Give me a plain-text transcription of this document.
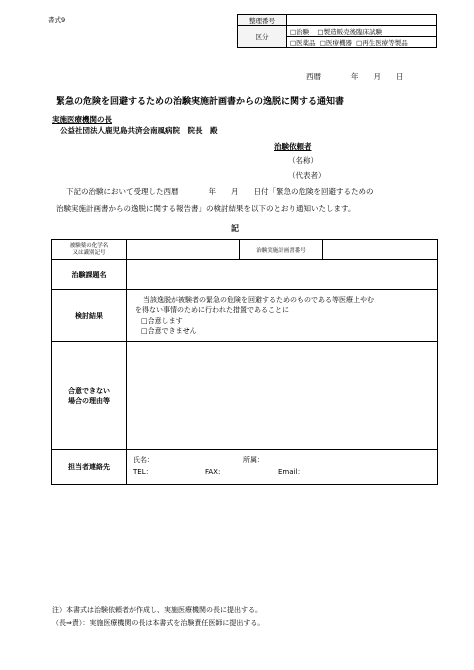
書式9	整理番号	
区分	□治験 □製造販売後臨床試験
	□医薬品 □医療機器 □再生医療等製品
西暦　　　　年　　月　　日
緊急の危険を回避するための治験実施計画書からの逸脱に関する通知書
実施医療機関の長
公益社団法人鹿児島共済会南風病院　院長　殿
治験依頼者
（名称）
（代表者）
下記の治験において受理した西暦　　　　年　　月　　日付「緊急の危険を回避するための
治験実施計画書からの逸脱に関する報告書」の検討結果を以下のとおり通知いたします。
記
被験薬の化学名
又は識別記号		治験実施計画書番号	
治験課題名			
検討結果	当該逸脱が被験者の緊急の危険を回避するためのものである等医療上やむ
を得ない事情のために行われた措置であることに
□合意します
□合意できません		

合意できない
場合の理由等			

担当者連絡先	氏名： 所属：
TEL： FAX: Email：		
注）本書式は治験依頼者が作成し、実施医療機関の長に提出する。
（長⇒責）：実施医療機関の長は本書式を治験責任医師に提出する。
